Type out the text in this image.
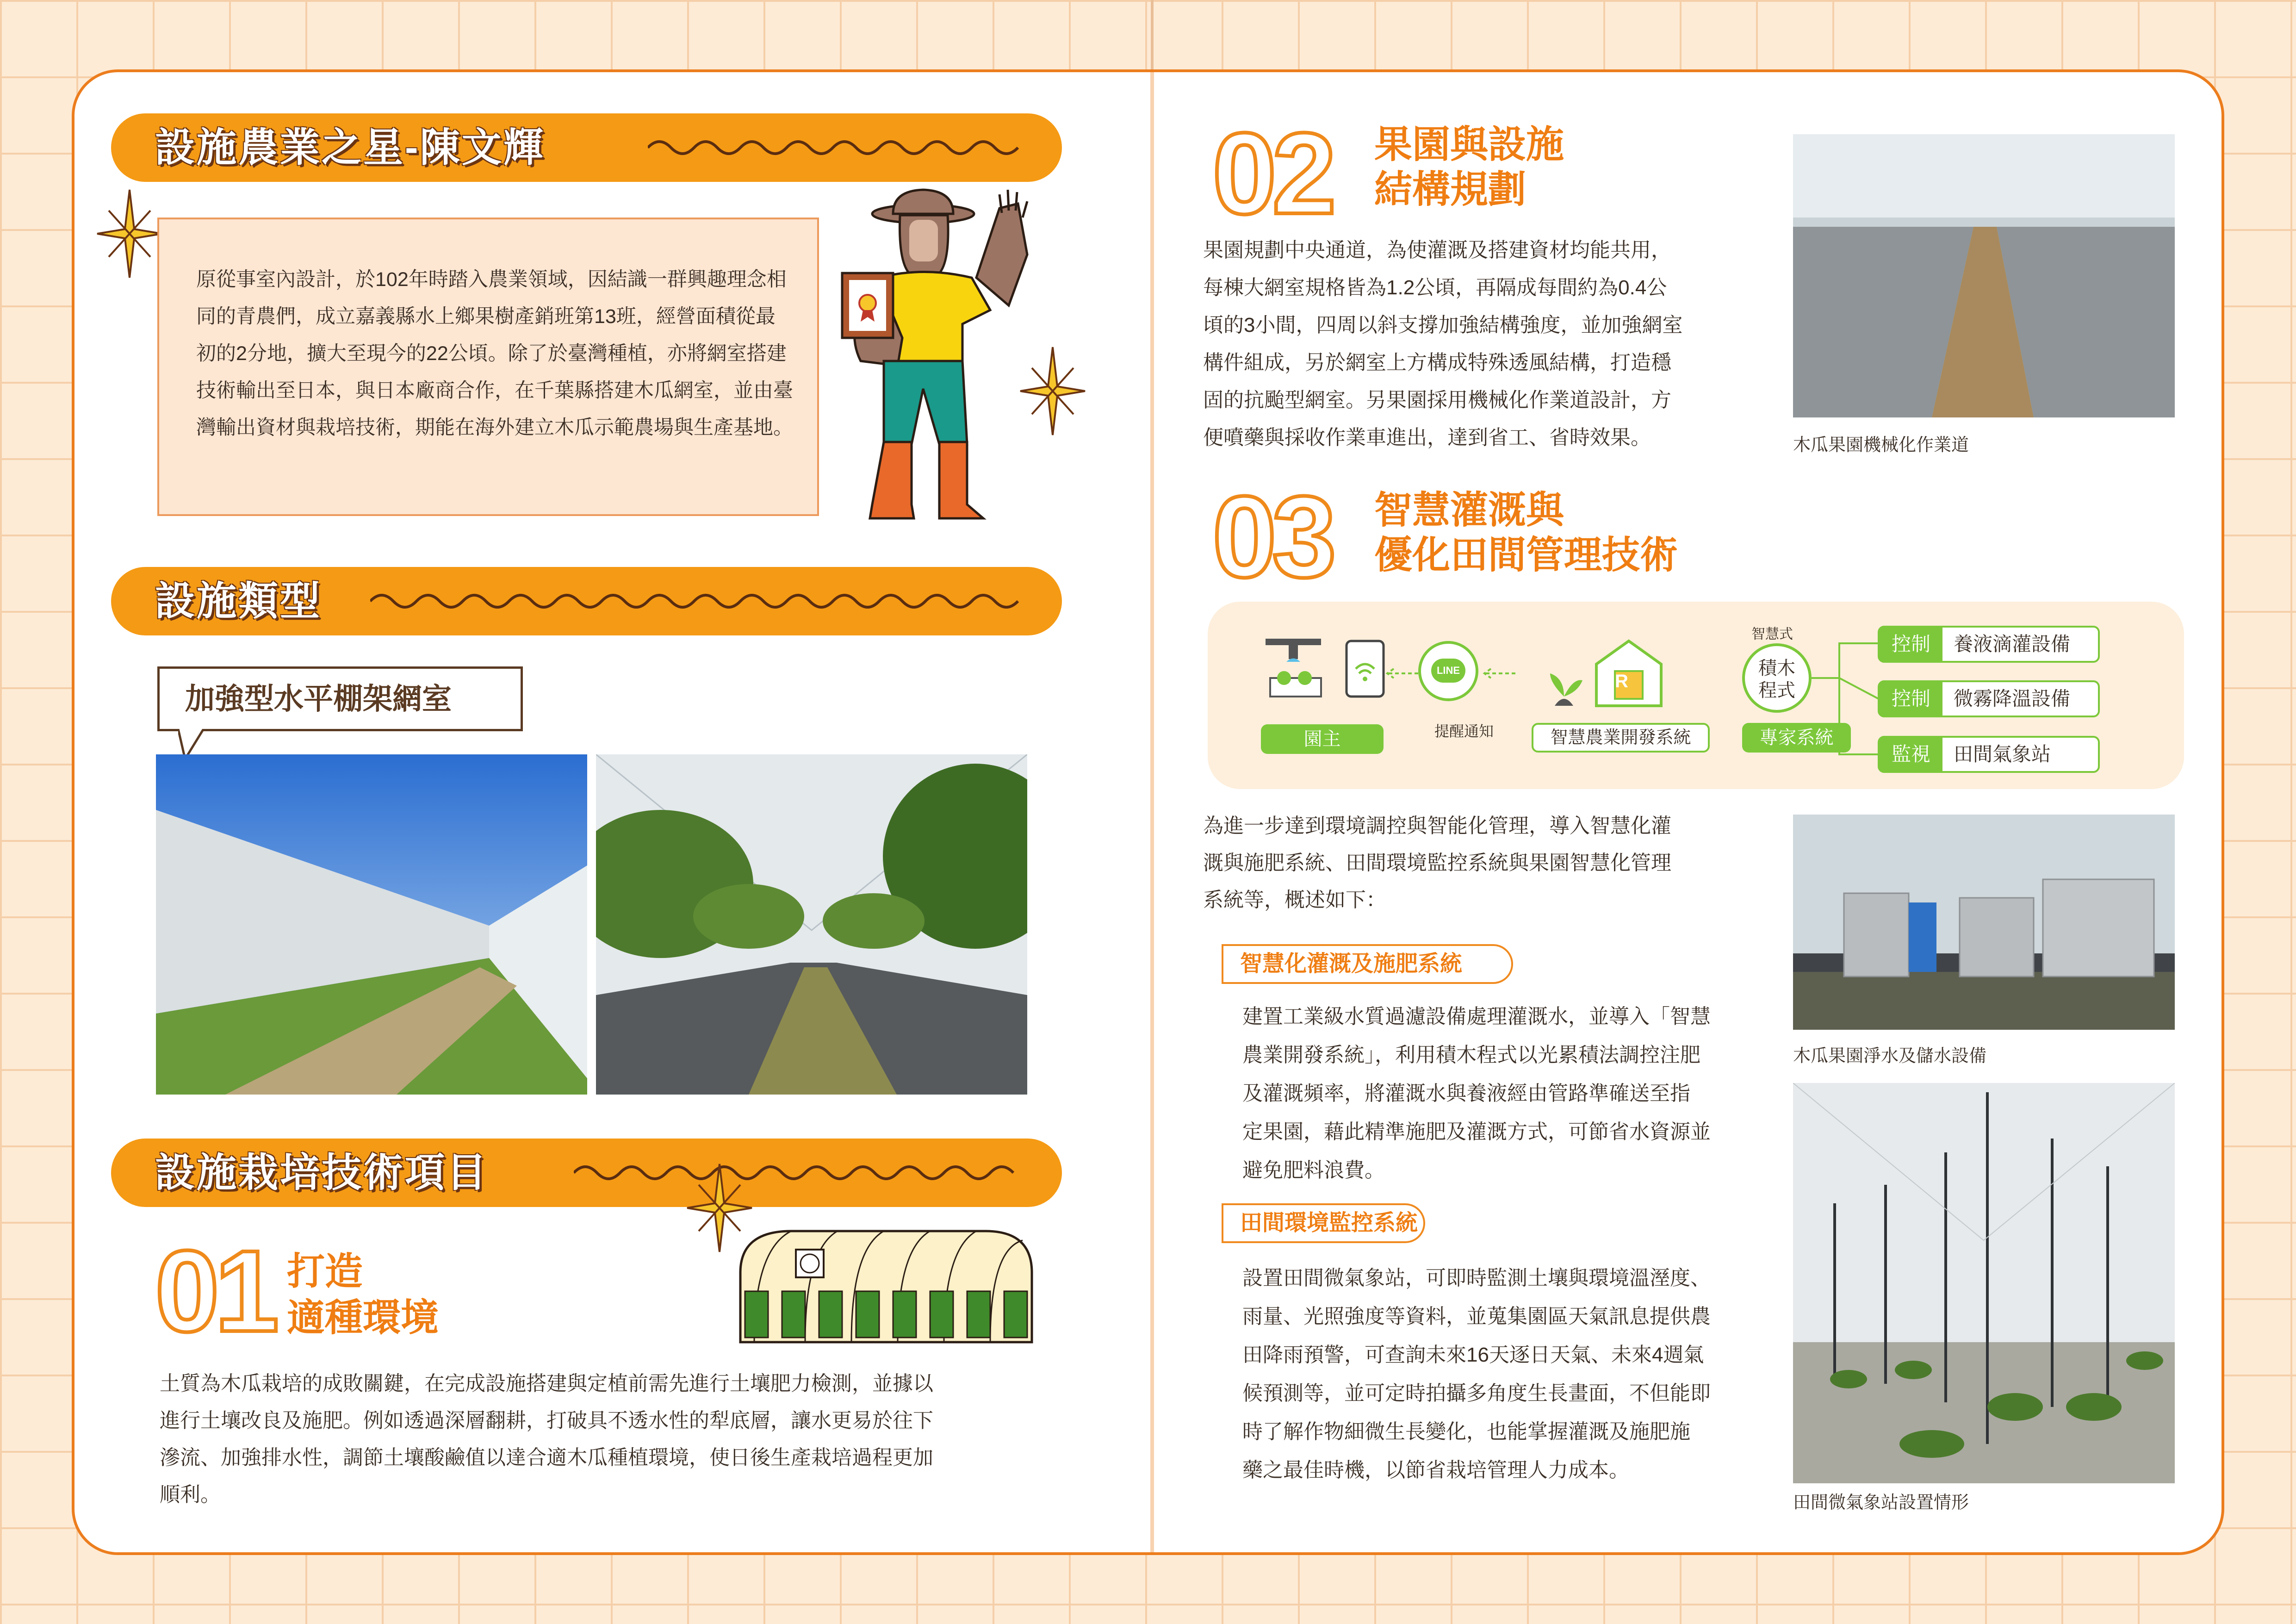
設施農業之星-陳文輝

原從事室內設計，於102年時踏入農業領域，因結識一群興趣理念相同的青農們，成立嘉義縣水上鄉果樹產銷班第13班，經營面積從最初的2分地，擴大至現今的22公頃。除了於臺灣種植，亦將網室搭建技術輸出至日本，與日本廠商合作，在千葉縣搭建木瓜網室，並由臺灣輸出資材與栽培技術，期能在海外建立木瓜示範農場與生產基地。

設施類型
加強型水平棚架網室
設施栽培技術項目
01 打造
適種環境
土質為木瓜栽培的成敗關鍵，在完成設施搭建與定植前需先進行土壤肥力檢測，並據以
進行土壤改良及施肥。例如透過深層翻耕，打破具不透水性的犁底層，讓水更易於往下
滲流、加強排水性，調節土壤酸鹼值以達合適木瓜種植環境，使日後生產栽培過程更加
順利。
02 果園與設施
結構規劃
果園規劃中央通道，為使灌溉及搭建資材均能共用，
每棟大網室規格皆為1.2公頃，再隔成每間約為0.4公
頃的3小間，四周以斜支撐加強結構強度，並加強網室
構件組成，另於網室上方構成特殊透風結構，打造穩
固的抗颱型網室。另果園採用機械化作業道設計，方
便噴藥與採收作業車進出，達到省工、省時效果。	木瓜果園機械化作業道
03 智慧灌溉與
優化田間管理技術
園主
LINE
提醒通知
R
智慧農業開發系統
智慧式
積木
程式
專家系統
控制	養液滴灌設備
控制	微霧降溫設備
監視	田間氣象站
為進一步達到環境調控與智能化管理，導入智慧化灌
溉與施肥系統、田間環境監控系統與果園智慧化管理
系統等，概述如下：
智慧化灌溉及施肥系統
建置工業級水質過濾設備處理灌溉水，並導入「智慧
農業開發系統」，利用積木程式以光累積法調控注肥
及灌溉頻率，將灌溉水與養液經由管路準確送至指
定果園，藉此精準施肥及灌溉方式，可節省水資源並
避免肥料浪費。
木瓜果園淨水及儲水設備
田間環境監控系統
設置田間微氣象站，可即時監測土壤與環境溫溼度、
雨量、光照強度等資料，並蒐集園區天氣訊息提供農
田降雨預警，可查詢未來16天逐日天氣、未來4週氣
候預測等，並可定時拍攝多角度生長畫面，不但能即
時了解作物細微生長變化，也能掌握灌溉及施肥施
藥之最佳時機，以節省栽培管理人力成本。
田間微氣象站設置情形
